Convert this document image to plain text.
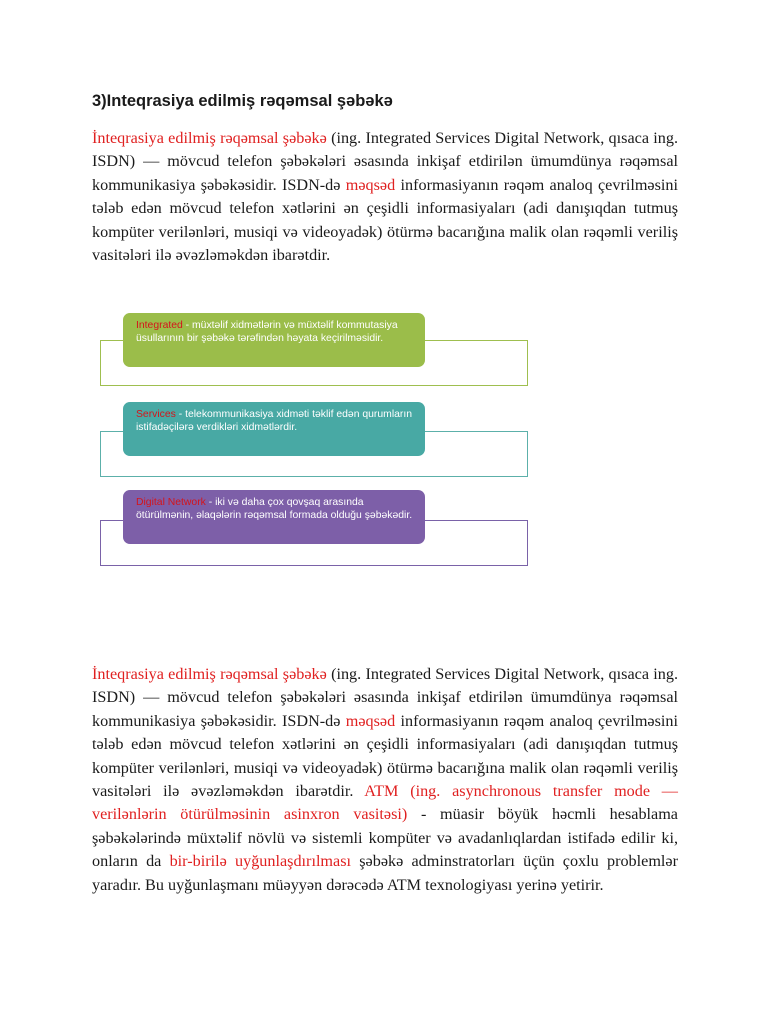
3)Inteqrasiya edilmiş rəqəmsal şəbəkə

İnteqrasiya edilmiş rəqəmsal şəbəkə (ing. Integrated Services Digital Network, qısaca ing. ISDN) — mövcud telefon şəbəkələri əsasında inkişaf etdirilən ümumdünya rəqəmsal kommunikasiya şəbəkəsidir. ISDN-də məqsəd informasiyanın rəqəm analoq çevrilməsini tələb edən mövcud telefon xətlərini ən çeşidli informasiyaları (adi danışıqdan tutmuş kompüter verilənləri, musiqi və videoyadək) ötürmə bacarığına malik olan rəqəmli veriliş vasitələri ilə əvəzləməkdən ibarətdir.

Integrated - müxtəlif xidmətlərin və müxtəlif kommutasiya üsullarının bir şəbəkə tərəfindən həyata keçirilməsidir.
Services - telekommunikasiya xidməti təklif edən qurumların istifadəçilərə verdikləri xidmətlərdir.
Digital Network - iki və daha çox qovşaq arasında ötürülmənin, əlaqələrin rəqəmsal formada olduğu şəbəkədir.

İnteqrasiya edilmiş rəqəmsal şəbəkə (ing. Integrated Services Digital Network, qısaca ing. ISDN) — mövcud telefon şəbəkələri əsasında inkişaf etdirilən ümumdünya rəqəmsal kommunikasiya şəbəkəsidir. ISDN-də məqsəd informasiyanın rəqəm analoq çevrilməsini tələb edən mövcud telefon xətlərini ən çeşidli informasiyaları (adi danışıqdan tutmuş kompüter verilənləri, musiqi və videoyadək) ötürmə bacarığına malik olan rəqəmli veriliş vasitələri ilə əvəzləməkdən ibarətdir. ATM (ing. asynchronous transfer mode —verilənlərin ötürülməsinin asinxron vasitəsi) - müasir böyük həcmli hesablama şəbəkələrində müxtəlif növlü və sistemli kompüter və avadanlıqlardan istifadə edilir ki, onların da bir-birilə uyğunlaşdırılması şəbəkə adminstratorları üçün çoxlu problemlər yaradır. Bu uyğunlaşmanı müəyyən dərəcədə ATM texnologiyası yerinə yetirir.
